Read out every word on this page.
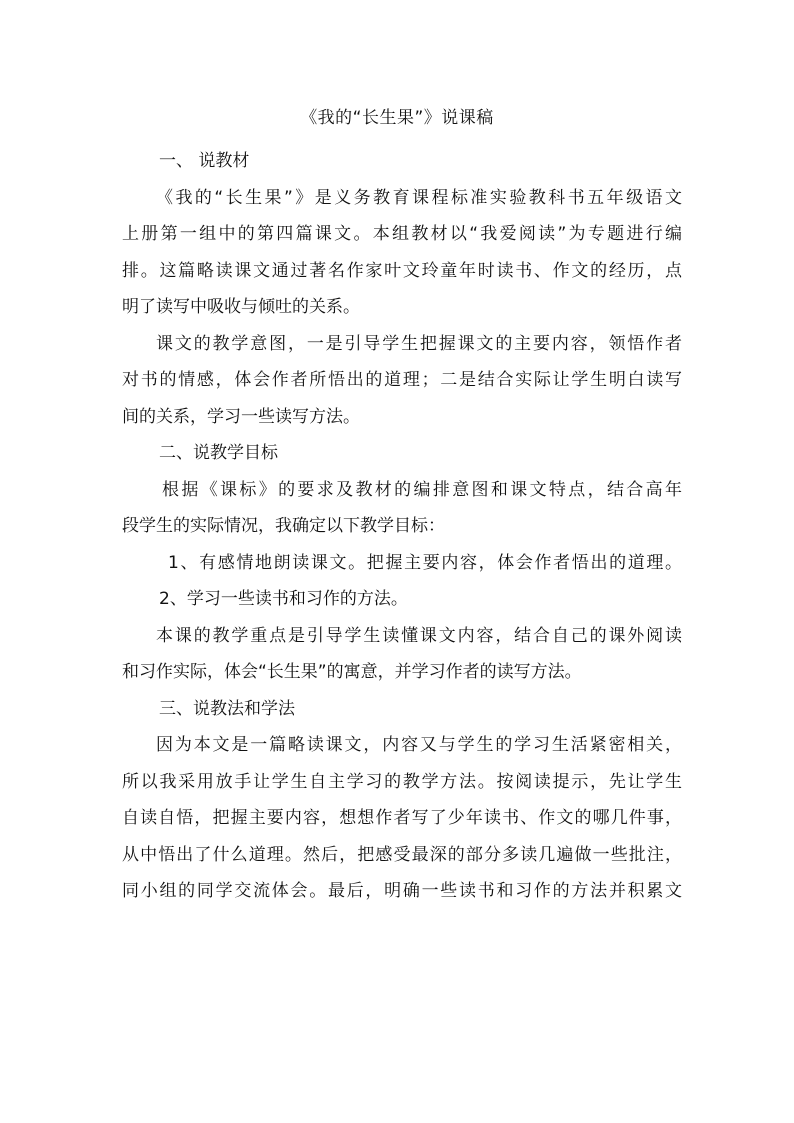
《我的“长生果”》说课稿

一、 说教材

《我的“长生果”》是义务教育课程标准实验教科书五年级语文

上册第一组中的第四篇课文。本组教材以“我爱阅读”为专题进行编

排。这篇略读课文通过著名作家叶文玲童年时读书、作文的经历，点

明了读写中吸收与倾吐的关系。

课文的教学意图，一是引导学生把握课文的主要内容，领悟作者

对书的情感，体会作者所悟出的道理；二是结合实际让学生明白读写

间的关系，学习一些读写方法。

二、说教学目标

根据《课标》的要求及教材的编排意图和课文特点，结合高年

段学生的实际情况，我确定以下教学目标：

1、有感情地朗读课文。把握主要内容，体会作者悟出的道理。

2、学习一些读书和习作的方法。

本课的教学重点是引导学生读懂课文内容，结合自己的课外阅读

和习作实际，体会“长生果”的寓意，并学习作者的读写方法。

三、说教法和学法

因为本文是一篇略读课文，内容又与学生的学习生活紧密相关，

所以我采用放手让学生自主学习的教学方法。按阅读提示，先让学生

自读自悟，把握主要内容，想想作者写了少年读书、作文的哪几件事，

从中悟出了什么道理。然后，把感受最深的部分多读几遍做一些批注，

同小组的同学交流体会。最后，明确一些读书和习作的方法并积累文
